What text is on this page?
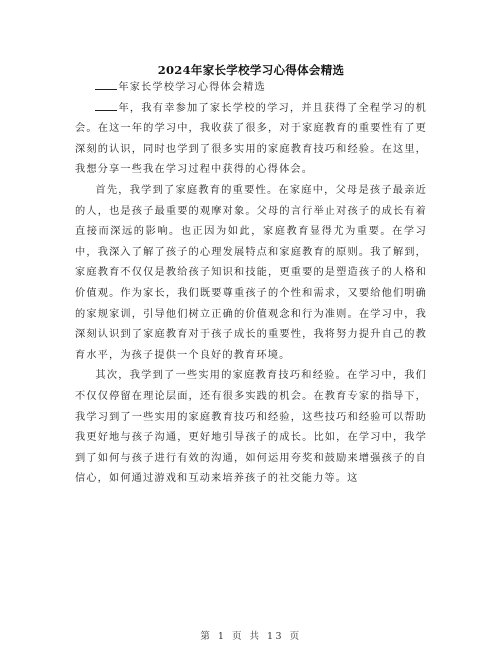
2024年家长学校学习心得体会精选

年家长学校学习心得体会精选

年，我有幸参加了家长学校的学习，并且获得了全程学习的机会。在这一年的学习中，我收获了很多，对于家庭教育的重要性有了更深刻的认识，同时也学到了很多实用的家庭教育技巧和经验。在这里，我想分享一些我在学习过程中获得的心得体会。

首先，我学到了家庭教育的重要性。在家庭中，父母是孩子最亲近的人，也是孩子最重要的观摩对象。父母的言行举止对孩子的成长有着直接而深远的影响。也正因为如此，家庭教育显得尤为重要。在学习中，我深入了解了孩子的心理发展特点和家庭教育的原则。我了解到，家庭教育不仅仅是教给孩子知识和技能，更重要的是塑造孩子的人格和价值观。作为家长，我们既要尊重孩子的个性和需求，又要给他们明确的家规家训，引导他们树立正确的价值观念和行为准则。在学习中，我深刻认识到了家庭教育对于孩子成长的重要性，我将努力提升自己的教育水平，为孩子提供一个良好的教育环境。

其次，我学到了一些实用的家庭教育技巧和经验。在学习中，我们不仅仅停留在理论层面，还有很多实践的机会。在教育专家的指导下，我学习到了一些实用的家庭教育技巧和经验，这些技巧和经验可以帮助我更好地与孩子沟通，更好地引导孩子的成长。比如，在学习中，我学到了如何与孩子进行有效的沟通，如何运用夸奖和鼓励来增强孩子的自信心，如何通过游戏和互动来培养孩子的社交能力等。这

第 1 页 共 13 页
